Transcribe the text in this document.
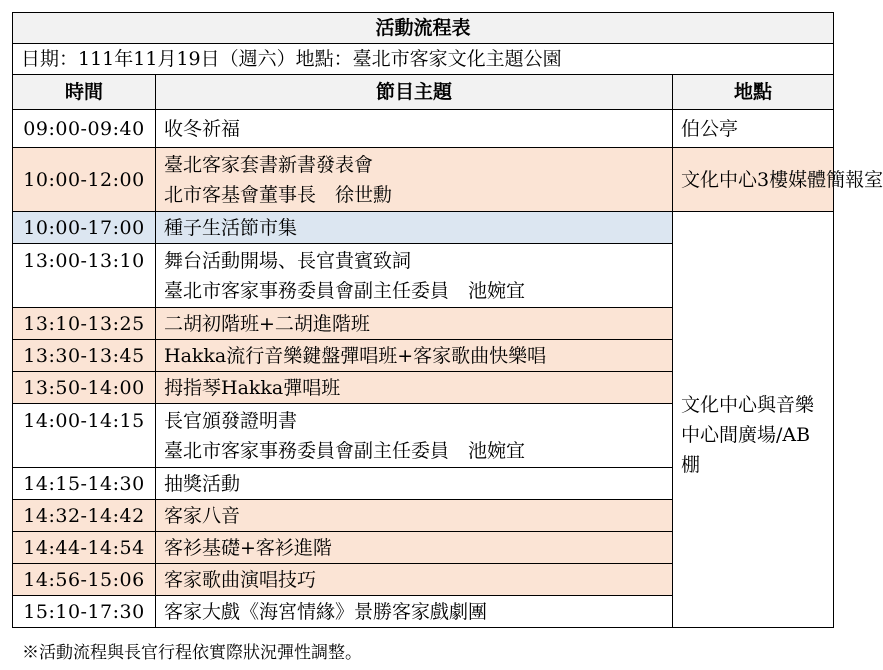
活動流程表		
日期：111年11月19日（週六）地點：臺北市客家文化主題公園		
時間	節目主題	地點
09:00-09:40	收冬祈福	伯公亭
10:00-12:00	臺北客家套書新書發表會
北市客基會董事長　徐世勳	文化中心3樓媒體簡報室
10:00-17:00	種子生活節市集	文化中心與音樂中心間廣場/AB棚
13:00-13:10	舞台活動開場、長官貴賓致詞
臺北市客家事務委員會副主任委員　池婉宜	

13:10-13:25	二胡初階班+二胡進階班	

13:30-13:45	Hakka流行音樂鍵盤彈唱班+客家歌曲快樂唱	

13:50-14:00	拇指琴Hakka彈唱班	

14:00-14:15	長官頒發證明書
臺北市客家事務委員會副主任委員　池婉宜	

14:15-14:30	抽獎活動	

14:32-14:42	客家八音	

14:44-14:54	客衫基礎+客衫進階	

14:56-15:06	客家歌曲演唱技巧	

15:10-17:30	客家大戲《海宮情緣》景勝客家戲劇團	
※活動流程與長官行程依實際狀況彈性調整。
